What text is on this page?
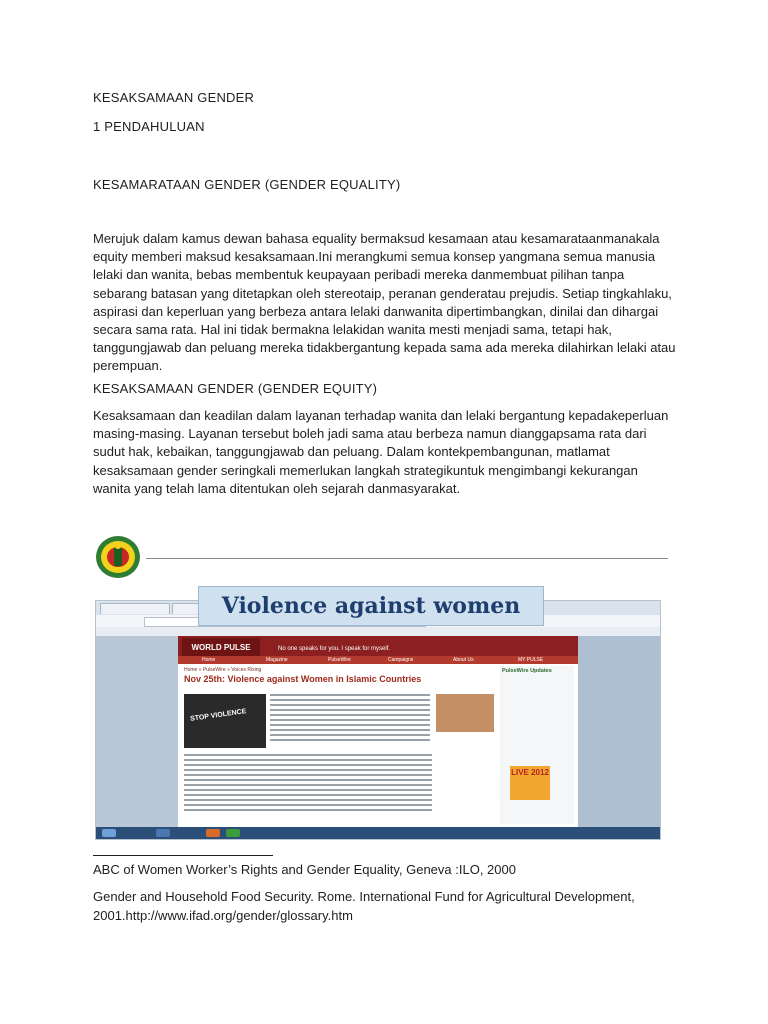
KESAKSAMAAN GENDER

1 PENDAHULUAN

KESAMARATAAN GENDER (GENDER EQUALITY)

Merujuk dalam kamus dewan bahasa equality bermaksud kesamaan atau kesamarataanmanakala equity memberi maksud kesaksamaan.Ini merangkumi semua konsep yangmana semua manusia lelaki dan wanita, bebas membentuk keupayaan peribadi mereka danmembuat pilihan tanpa sebarang batasan yang ditetapkan oleh stereotaip, peranan genderatau prejudis. Setiap tingkahlaku, aspirasi dan keperluan yang berbeza antara lelaki danwanita dipertimbangkan, dinilai dan dihargai secara sama rata. Hal ini tidak bermakna lelakidan wanita mesti menjadi sama, tetapi hak, tanggungjawab dan peluang mereka tidakbergantung kepada sama ada mereka dilahirkan lelaki atau perempuan.

KESAKSAMAAN GENDER (GENDER EQUITY)

Kesaksamaan dan keadilan dalam layanan terhadap wanita dan lelaki bergantung kepadakeperluan masing-masing. Layanan tersebut boleh jadi sama atau berbeza namun dianggapsama rata dari sudut hak, kebaikan, tanggungjawab dan peluang. Dalam kontekpembangunan, matlamat kesaksamaan gender seringkali memerlukan langkah strategikuntuk mengimbangi kekurangan wanita yang telah lama ditentukan oleh sejarah danmasyarakat.

WORLD PULSE	No one speaks for you. I speak for myself.
Home	Magazine	PulseWire	Campaigns	About Us	MY PULSE
Home » PulseWire » Voices Rising
Nov 25th: Violence against Women in Islamic Countries
STOP VIOLENCE
PulseWire Updates
LIVE 2012
Violence against women

ABC of Women Worker’s Rights and Gender Equality, Geneva :ILO, 2000

Gender and Household Food Security. Rome. International Fund for Agricultural Development, 2001.http://www.ifad.org/gender/glossary.htm
